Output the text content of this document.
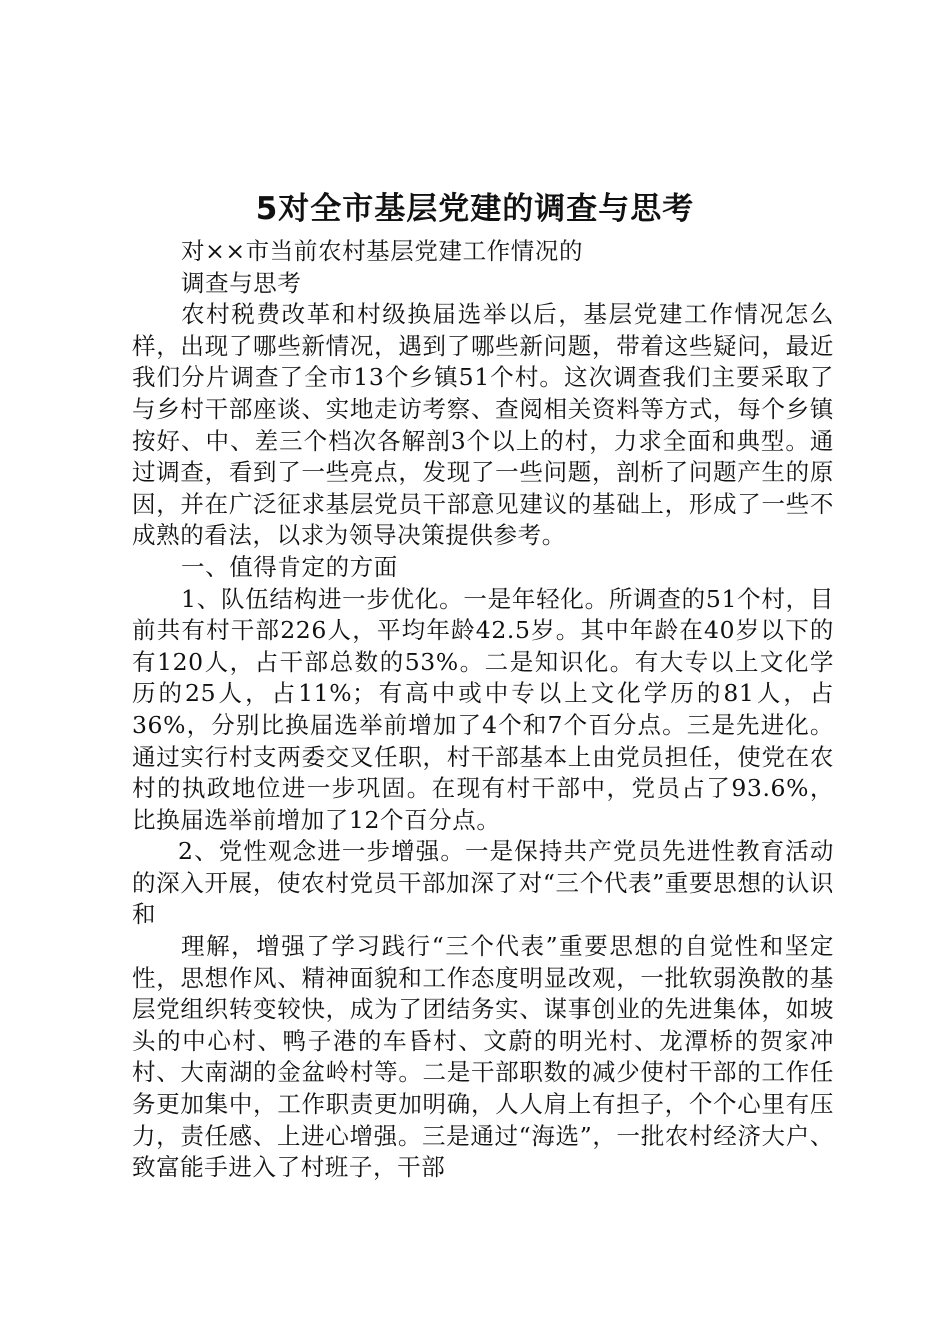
5对全市基层党建的调查与思考

对××市当前农村基层党建工作情况的

调查与思考

农村税费改革和村级换届选举以后，基层党建工作情况怎么样，出现了哪些新情况，遇到了哪些新问题，带着这些疑问，最近我们分片调查了全市13个乡镇51个村。这次调查我们主要采取了与乡村干部座谈、实地走访考察、查阅相关资料等方式，每个乡镇按好、中、差三个档次各解剖3个以上的村，力求全面和典型。通过调查，看到了一些亮点，发现了一些问题，剖析了问题产生的原因，并在广泛征求基层党员干部意见建议的基础上，形成了一些不成熟的看法，以求为领导决策提供参考。

一、值得肯定的方面

1、队伍结构进一步优化。一是年轻化。所调查的51个村，目前共有村干部226人，平均年龄42.5岁。其中年龄在40岁以下的有120人，占干部总数的53%。二是知识化。有大专以上文化学历的25人，占11%；有高中或中专以上文化学历的81人，占36%，分别比换届选举前增加了4个和7个百分点。三是先进化。通过实行村支两委交叉任职，村干部基本上由党员担任，使党在农村的执政地位进一步巩固。在现有村干部中，党员占了93.6%，比换届选举前增加了12个百分点。

2、党性观念进一步增强。一是保持共产党员先进性教育活动的深入开展，使农村党员干部加深了对“三个代表”重要思想的认识和

理解，增强了学习践行“三个代表”重要思想的自觉性和坚定性，思想作风、精神面貌和工作态度明显改观，一批软弱涣散的基层党组织转变较快，成为了团结务实、谋事创业的先进集体，如坡头的中心村、鸭子港的车昏村、文蔚的明光村、龙潭桥的贺家冲村、大南湖的金盆岭村等。二是干部职数的减少使村干部的工作任务更加集中，工作职责更加明确，人人肩上有担子，个个心里有压力，责任感、上进心增强。三是通过“海选”，一批农村经济大户、致富能手进入了村班子，干部
